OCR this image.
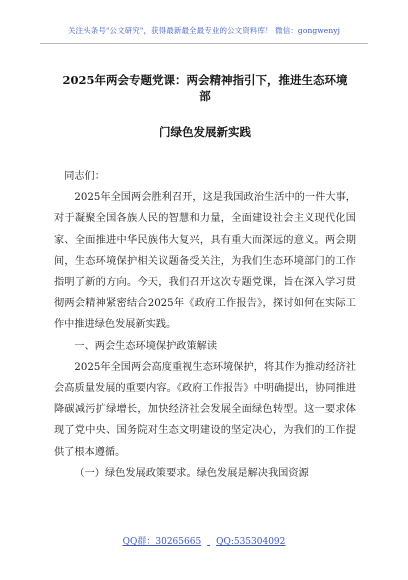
关注头条号"公文研究"，获得最新最全最专业的公文资料库！ 微信：gongwenyj
2025年两会专题党课：两会精神指引下，推进生态环境部
门绿色发展新实践

同志们：

2025年全国两会胜利召开，这是我国政治生活中的一件大事，对于凝聚全国各族人民的智慧和力量，全面建设社会主义现代化国家、全面推进中华民族伟大复兴，具有重大而深远的意义。两会期间，生态环境保护相关议题备受关注，为我们生态环境部门的工作指明了新的方向。今天，我们召开这次专题党课，旨在深入学习贯彻两会精神紧密结合2025年《政府工作报告》，探讨如何在实际工作中推进绿色发展新实践。

一、两会生态环境保护政策解读

2025年全国两会高度重视生态环境保护，将其作为推动经济社会高质量发展的重要内容。《政府工作报告》中明确提出，协同推进降碳减污扩绿增长，加快经济社会发展全面绿色转型。这一要求体现了党中央、国务院对生态文明建设的坚定决心，为我们的工作提供了根本遵循。

（一）绿色发展政策要求。绿色发展是解决我国资源

QQ群：30265665 QQ:535304092
